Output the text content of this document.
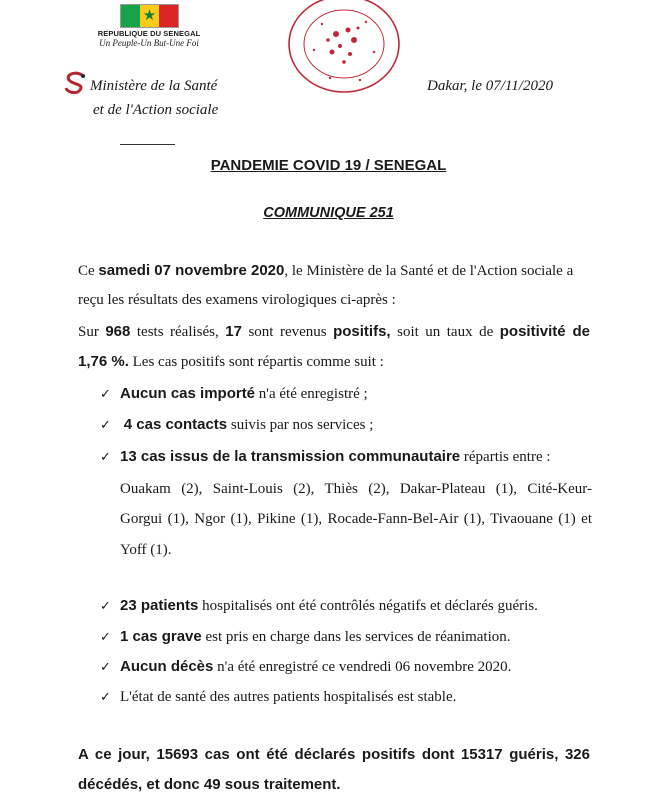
★
REPUBLIQUE DU SENEGAL
Un Peuple-Un But-Une Foi
Ministère de la Santé
et de l'Action sociale
Dakar, le 07/11/2020
PANDEMIE COVID 19 / SENEGAL
COMMUNIQUE 251
Ce samedi 07 novembre 2020, le Ministère de la Santé et de l'Action sociale a
reçu les résultats des examens virologiques ci-après :
Sur 968 tests réalisés, 17 sont revenus positifs, soit un taux de positivité de
1,76 %. Les cas positifs sont répartis comme suit :
✓ Aucun cas importé n'a été enregistré ;
✓ 4 cas contacts suivis par nos services ;
✓ 13 cas issus de la transmission communautaire répartis entre :
Ouakam (2), Saint-Louis (2), Thiès (2), Dakar-Plateau (1), Cité-Keur-
Gorgui (1), Ngor (1), Pikine (1), Rocade-Fann-Bel-Air (1), Tivaouane (1) et
Yoff (1).
✓ 23 patients hospitalisés ont été contrôlés négatifs et déclarés guéris.
✓ 1 cas grave est pris en charge dans les services de réanimation.
✓ Aucun décès n'a été enregistré ce vendredi 06 novembre 2020.
✓ L'état de santé des autres patients hospitalisés est stable.
A ce jour, 15693 cas ont été déclarés positifs dont 15317 guéris, 326
décédés, et donc 49 sous traitement.
